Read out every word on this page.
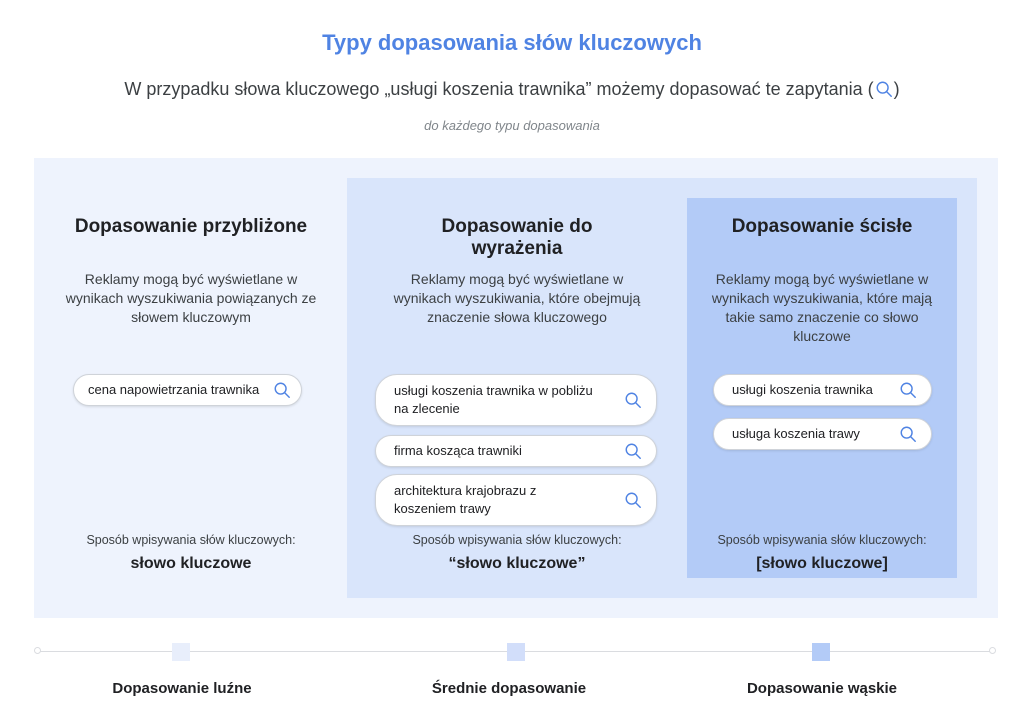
Typy dopasowania słów kluczowych
W przypadku słowa kluczowego „usługi koszenia trawnika” możemy dopasować te zapytania ( )
do każdego typu dopasowania
Dopasowanie przybliżone
Reklamy mogą być wyświetlane w wynikach wyszukiwania powiązanych ze słowem kluczowym
cena napowietrzania trawnika
Sposób wpisywania słów kluczowych:
słowo kluczowe
Dopasowanie do wyrażenia
Reklamy mogą być wyświetlane w wynikach wyszukiwania, które obejmują znaczenie słowa kluczowego
usługi koszenia trawnika w pobliżu na zlecenie
firma kosząca trawniki
architektura krajobrazu z koszeniem trawy
Sposób wpisywania słów kluczowych:
“słowo kluczowe”
Dopasowanie ścisłe
Reklamy mogą być wyświetlane w wynikach wyszukiwania, które mają takie samo znaczenie co słowo kluczowe
usługi koszenia trawnika
usługa koszenia trawy
Sposób wpisywania słów kluczowych:
[słowo kluczowe]
Dopasowanie luźne	Średnie dopasowanie	Dopasowanie wąskie
